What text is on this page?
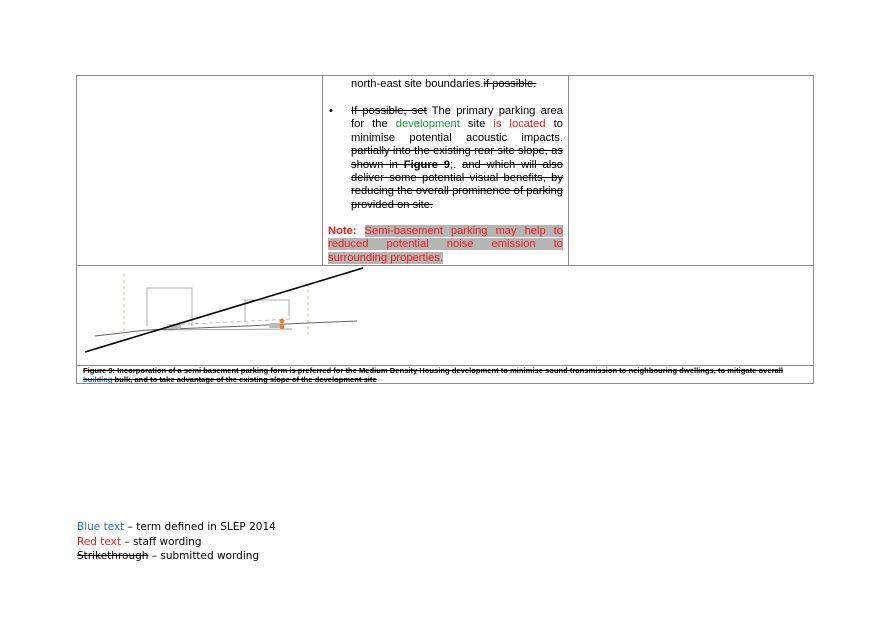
north-east site boundaries.if possible.
• If possible, set The primary parking area for the development site is located to minimise potential acoustic impacts. partially into the existing rear site slope, as shown in Figure 9;. and which will also deliver some potential visual benefits, by reducing the overall prominence of parking provided on site.
Note: Semi-basement parking may help to reduced potential noise emission to surrounding properties.
Figure 9: Incorporation of a semi basement parking form is preferred for the Medium Density Housing development to minimise sound transmission to neighbouring dwellings, to mitigate overall building bulk, and to take advantage of the existing slope of the development site
Blue text – term defined in SLEP 2014
Red text – staff wording
Strikethrough – submitted wording
